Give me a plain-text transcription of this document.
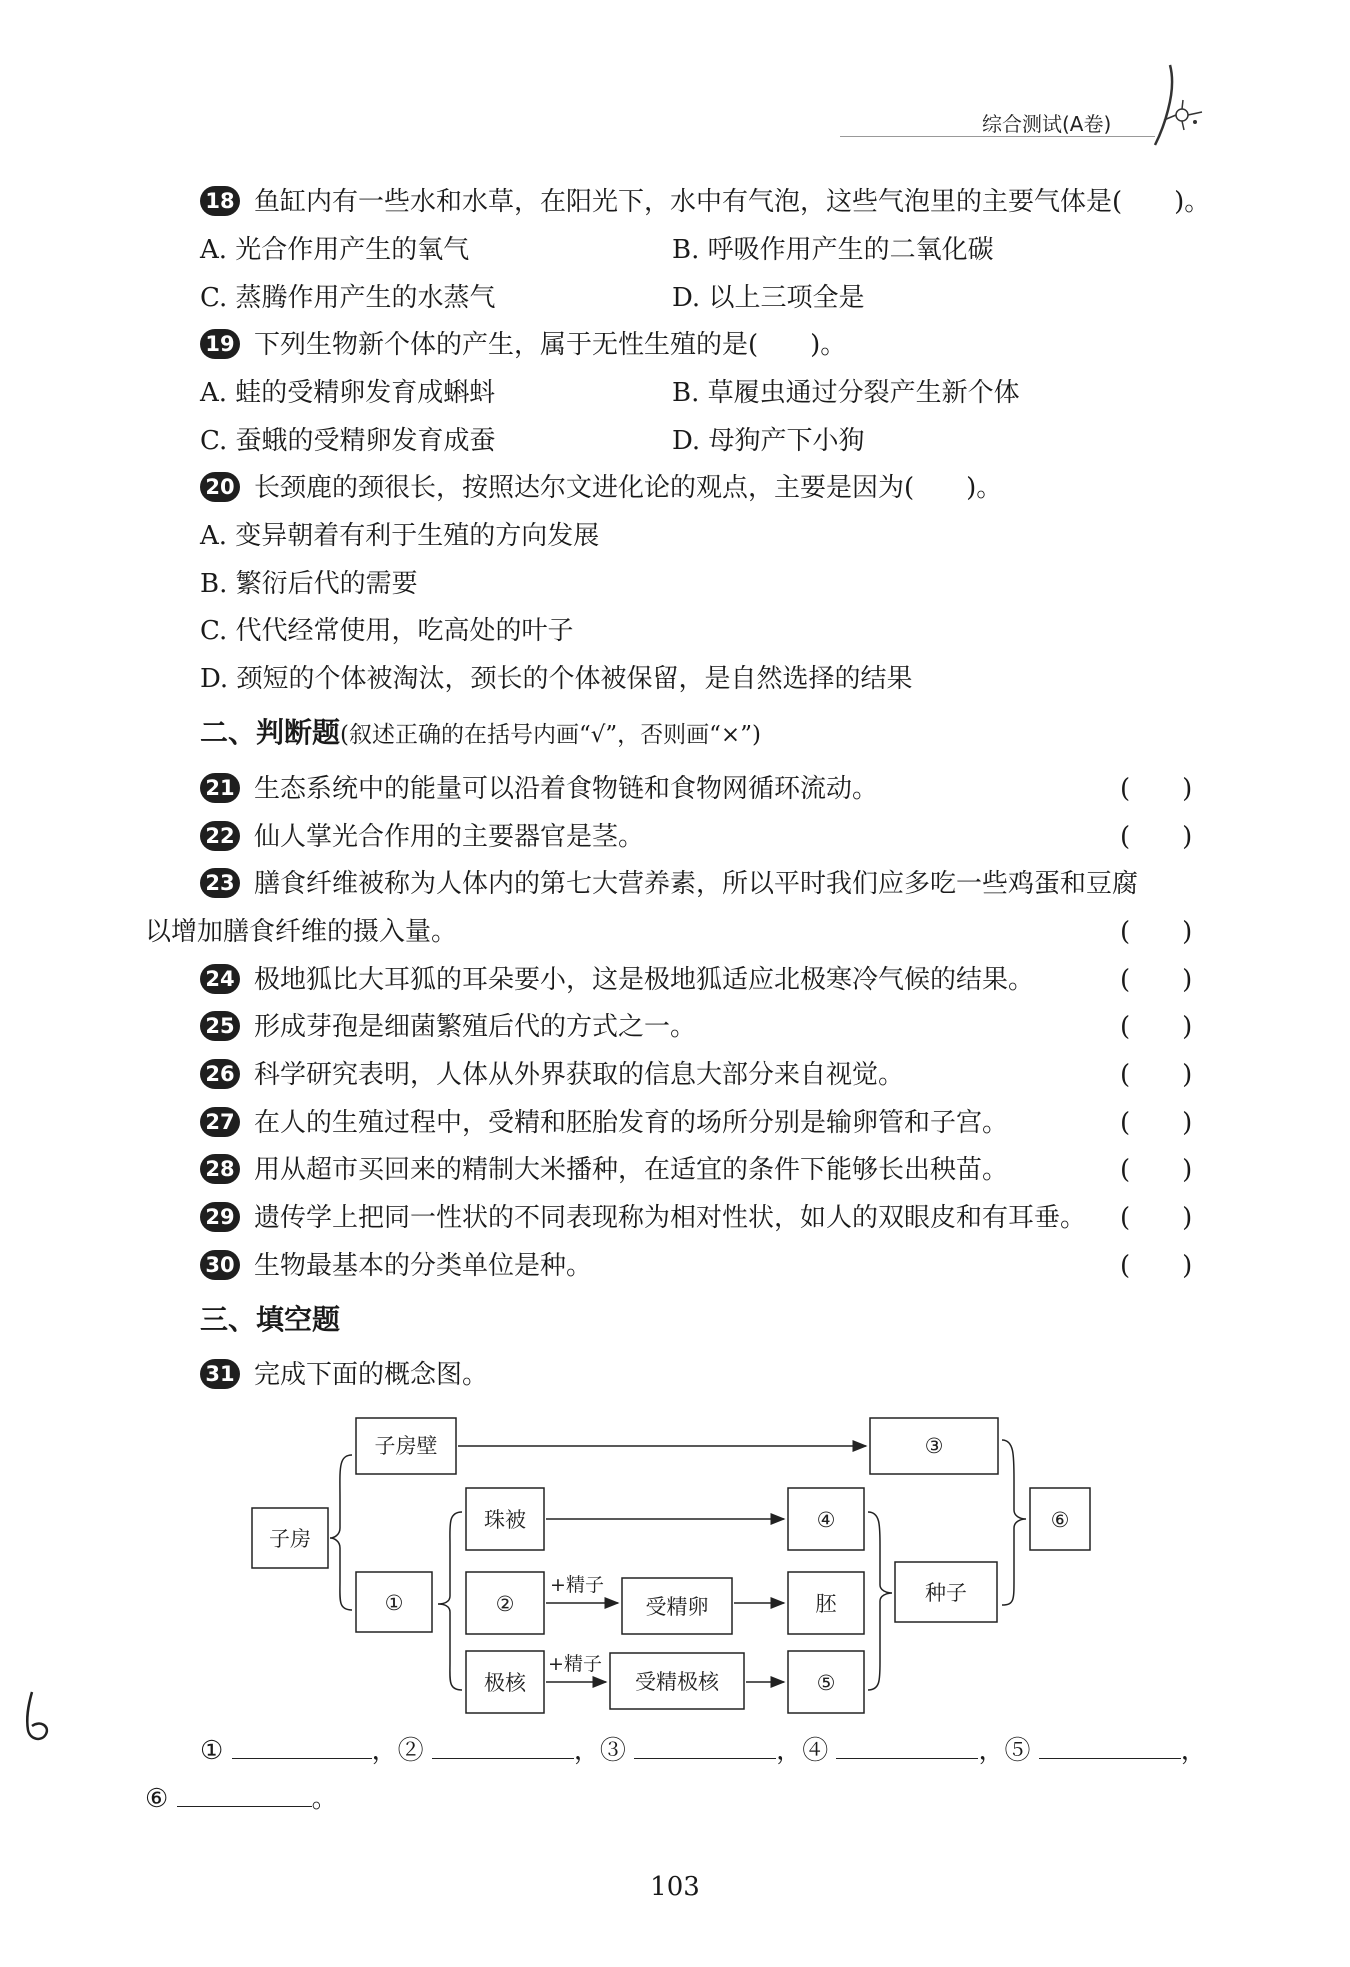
综合测试(A卷)
18 鱼缸内有一些水和水草，在阳光下，水中有气泡，这些气泡里的主要气体是(　　)。
A. 光合作用产生的氧气	B. 呼吸作用产生的二氧化碳
C. 蒸腾作用产生的水蒸气	D. 以上三项全是
19 下列生物新个体的产生，属于无性生殖的是(　　)。
A. 蛙的受精卵发育成蝌蚪	B. 草履虫通过分裂产生新个体
C. 蚕蛾的受精卵发育成蚕	D. 母狗产下小狗
20 长颈鹿的颈很长，按照达尔文进化论的观点，主要是因为(　　)。
A. 变异朝着有利于生殖的方向发展
B. 繁衍后代的需要
C. 代代经常使用，吃高处的叶子
D. 颈短的个体被淘汰，颈长的个体被保留，是自然选择的结果
二、判断题(叙述正确的在括号内画“√”，否则画“×”)
21 生态系统中的能量可以沿着食物链和食物网循环流动。	(　　)
22 仙人掌光合作用的主要器官是茎。	(　　)
23 膳食纤维被称为人体内的第七大营养素，所以平时我们应多吃一些鸡蛋和豆腐
以增加膳食纤维的摄入量。	(　　)
24 极地狐比大耳狐的耳朵要小，这是极地狐适应北极寒冷气候的结果。	(　　)
25 形成芽孢是细菌繁殖后代的方式之一。	(　　)
26 科学研究表明，人体从外界获取的信息大部分来自视觉。	(　　)
27 在人的生殖过程中，受精和胚胎发育的场所分别是输卵管和子宫。	(　　)
28 用从超市买回来的精制大米播种，在适宜的条件下能够长出秧苗。	(　　)
29 遗传学上把同一性状的不同表现称为相对性状，如人的双眼皮和有耳垂。 (　　)
30 生物最基本的分类单位是种。	(　　)
三、填空题
31 完成下面的概念图。
子房
子房壁
①
珠被
②
极核
+精子
+精子
受精卵
受精极核
③
④
胚
⑤
种子
⑥
①	，②	，③	，④	，⑤	，
⑥	。
103
